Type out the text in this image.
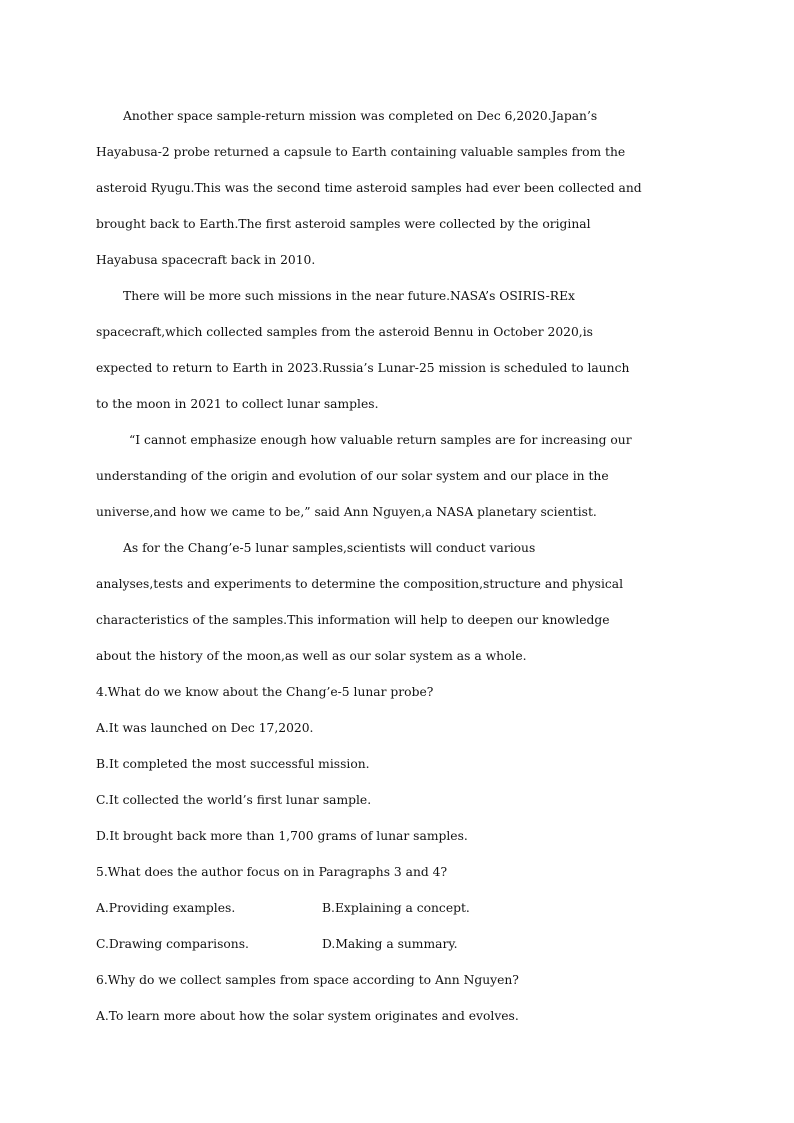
Another space sample-return mission was completed on Dec 6,2020.Japan’s
Hayabusa-2 probe returned a capsule to Earth containing valuable samples from the
asteroid Ryugu.This was the second time asteroid samples had ever been collected and
brought back to Earth.The first asteroid samples were collected by the original
Hayabusa spacecraft back in 2010.
There will be more such missions in the near future.NASA’s OSIRIS-REx
spacecraft,which collected samples from the asteroid Bennu in October 2020,is
expected to return to Earth in 2023.Russia’s Lunar-25 mission is scheduled to launch
to the moon in 2021 to collect lunar samples.
“I cannot emphasize enough how valuable return samples are for increasing our
understanding of the origin and evolution of our solar system and our place in the
universe,and how we came to be,” said Ann Nguyen,a NASA planetary scientist.
As for the Chang’e-5 lunar samples,scientists will conduct various
analyses,tests and experiments to determine the composition,structure and physical
characteristics of the samples.This information will help to deepen our knowledge
about the history of the moon,as well as our solar system as a whole.
4.What do we know about the Chang’e-5 lunar probe?
A.It was launched on Dec 17,2020.
B.It completed the most successful mission.
C.It collected the world’s first lunar sample.
D.It brought back more than 1,700 grams of lunar samples.
5.What does the author focus on in Paragraphs 3 and 4?
A.Providing examples.	B.Explaining a concept.
C.Drawing comparisons.	D.Making a summary.
6.Why do we collect samples from space according to Ann Nguyen?
A.To learn more about how the solar system originates and evolves.
